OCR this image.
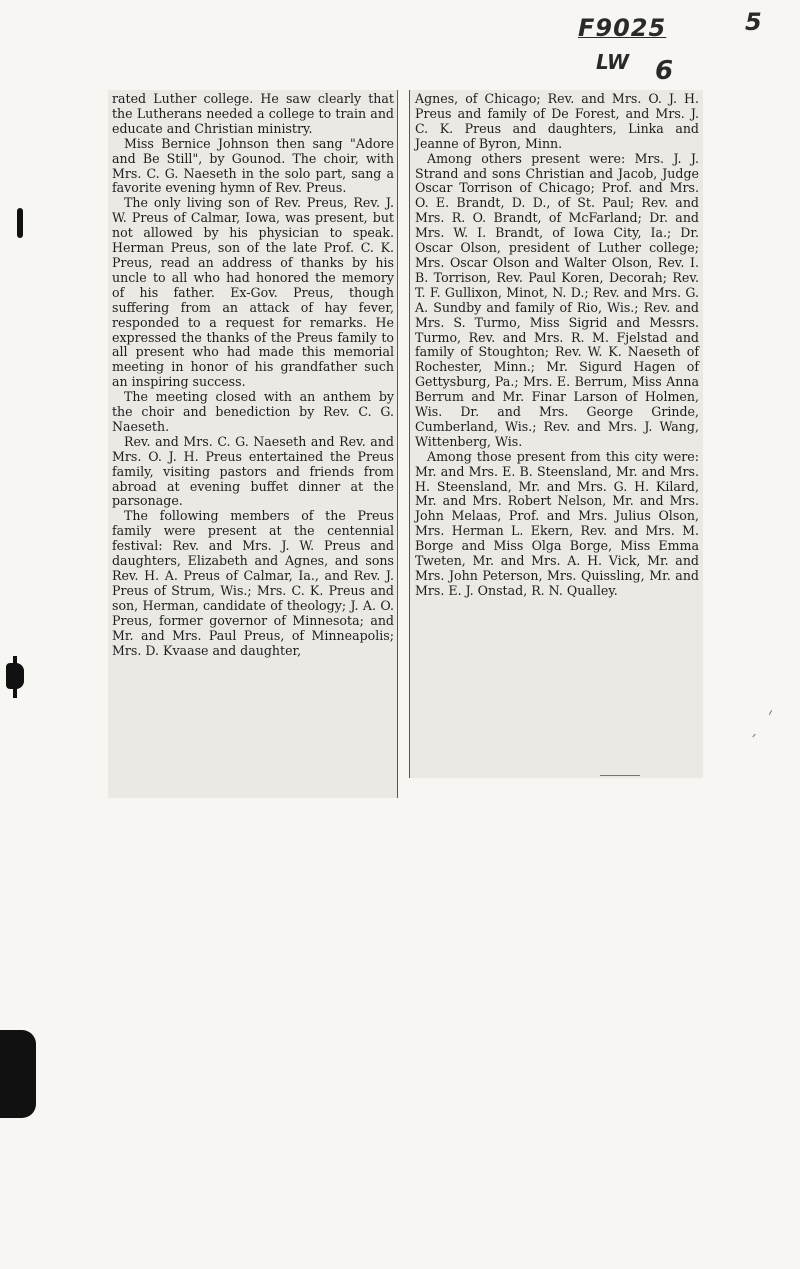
F9025
LW 6
5

rated Luther college. He saw clearly that the Lutherans needed a college to train and educate and Christian ministry.

Miss Bernice Johnson then sang "Adore and Be Still", by Gounod. The choir, with Mrs. C. G. Naeseth in the solo part, sang a favorite evening hymn of Rev. Preus.

The only living son of Rev. Preus, Rev. J. W. Preus of Calmar, Iowa, was present, but not allowed by his physician to speak. Herman Preus, son of the late Prof. C. K. Preus, read an address of thanks by his uncle to all who had honored the memory of his father. Ex-Gov. Preus, though suffering from an attack of hay fever, responded to a request for remarks. He expressed the thanks of the Preus family to all present who had made this memorial meeting in honor of his grandfather such an inspiring success.

The meeting closed with an anthem by the choir and benediction by Rev. C. G. Naeseth.

Rev. and Mrs. C. G. Naeseth and Rev. and Mrs. O. J. H. Preus entertained the Preus family, visiting pastors and friends from abroad at evening buffet dinner at the parsonage.

The following members of the Preus family were present at the centennial festival: Rev. and Mrs. J. W. Preus and daughters, Elizabeth and Agnes, and sons Rev. H. A. Preus of Calmar, Ia., and Rev. J. Preus of Strum, Wis.; Mrs. C. K. Preus and son, Herman, candidate of theology; J. A. O. Preus, former governor of Minnesota; and Mr. and Mrs. Paul Preus, of Minneapolis; Mrs. D. Kvaase and daughter,

Agnes, of Chicago; Rev. and Mrs. O. J. H. Preus and family of De Forest, and Mrs. J. C. K. Preus and daughters, Linka and Jeanne of Byron, Minn.

Among others present were: Mrs. J. J. Strand and sons Christian and Jacob, Judge Oscar Torrison of Chicago; Prof. and Mrs. O. E. Brandt, D. D., of St. Paul; Rev. and Mrs. R. O. Brandt, of McFarland; Dr. and Mrs. W. I. Brandt, of Iowa City, Ia.; Dr. Oscar Olson, president of Luther college; Mrs. Oscar Olson and Walter Olson, Rev. I. B. Torrison, Rev. Paul Koren, Decorah; Rev. T. F. Gullixon, Minot, N. D.; Rev. and Mrs. G. A. Sundby and family of Rio, Wis.; Rev. and Mrs. S. Turmo, Miss Sigrid and Messrs. Turmo, Rev. and Mrs. R. M. Fjelstad and family of Stoughton; Rev. W. K. Naeseth of Rochester, Minn.; Mr. Sigurd Hagen of Gettysburg, Pa.; Mrs. E. Berrum, Miss Anna Berrum and Mr. Finar Larson of Holmen, Wis. Dr. and Mrs. George Grinde, Cumberland, Wis.; Rev. and Mrs. J. Wang, Wittenberg, Wis.

Among those present from this city were: Mr. and Mrs. E. B. Steensland, Mr. and Mrs. H. Steensland, Mr. and Mrs. G. H. Kilard, Mr. and Mrs. Robert Nelson, Mr. and Mrs. John Melaas, Prof. and Mrs. Julius Olson, Mrs. Herman L. Ekern, Rev. and Mrs. M. Borge and Miss Olga Borge, Miss Emma Tweten, Mr. and Mrs. A. H. Vick, Mr. and Mrs. John Peterson, Mrs. Quissling, Mr. and Mrs. E. J. Onstad, R. N. Qualley.
